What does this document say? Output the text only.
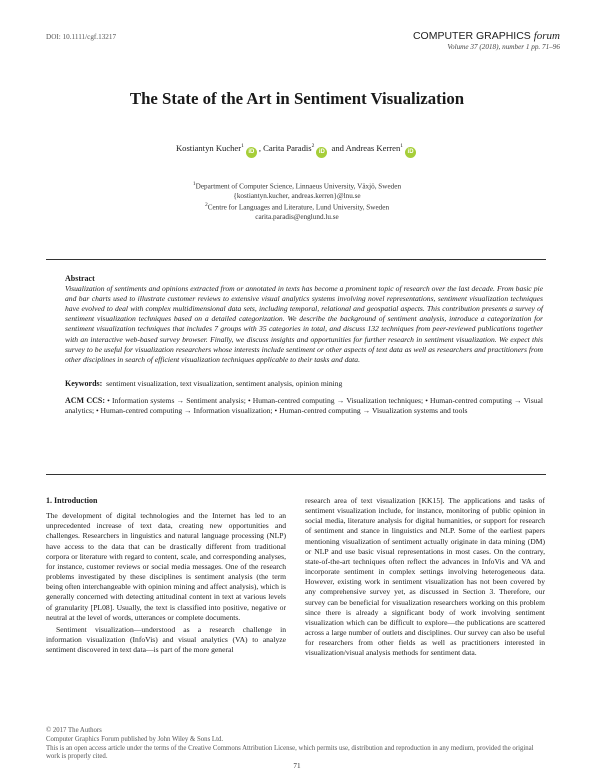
DOI: 10.1111/cgf.13217	COMPUTER GRAPHICS forum
Volume 37 (2018), number 1 pp. 71–96
The State of the Art in Sentiment Visualization
Kostiantyn Kucher$^1$iD , Carita Paradis$^2$iD and Andreas Kerren$^1$iD
$^1$Department of Computer Science, Linnaeus University, Växjö, Sweden
{kostiantyn.kucher, andreas.kerren}@lnu.se
$^2$Centre for Languages and Literature, Lund University, Sweden
carita.paradis@englund.lu.se
Abstract
Visualization of sentiments and opinions extracted from or annotated in texts has become a prominent topic of research over the last decade. From basic pie and bar charts used to illustrate customer reviews to extensive visual analytics systems involving novel representations, sentiment visualization techniques have evolved to deal with complex multidimensional data sets, including temporal, relational and geospatial aspects. This contribution presents a survey of sentiment visualization techniques based on a detailed categorization. We describe the background of sentiment analysis, introduce a categorization for sentiment visualization techniques that includes 7 groups with 35 categories in total, and discuss 132 techniques from peer-reviewed publications together with an interactive web-based survey browser. Finally, we discuss insights and opportunities for further research in sentiment visualization. We expect this survey to be useful for visualization researchers whose interests include sentiment or other aspects of text data as well as researchers and practitioners from other disciplines in search of efficient visualization techniques applicable to their tasks and data.
Keywords: sentiment visualization, text visualization, sentiment analysis, opinion mining
ACM CCS: • Information systems → Sentiment analysis; • Human-centred computing → Visualization techniques; • Human-centred computing → Visual analytics; • Human-centred computing → Information visualization; • Human-centred computing → Visualization systems and tools

1. Introduction

The development of digital technologies and the Internet has led to an unprecedented increase of text data, creating new opportunities and challenges. Researchers in linguistics and natural language processing (NLP) have access to the data that can be drastically different from traditional corpora or literature with regard to content, scale, and corresponding analyses, for instance, customer reviews or social media messages. One of the research problems investigated by these disciplines is sentiment analysis (the term being often interchangeable with opinion mining and affect analysis), which is generally concerned with detecting attitudinal content in text at various levels of granularity [PL08]. Usually, the text is classified into positive, negative or neutral at the level of words, utterances or complete documents.

Sentiment visualization—understood as a research challenge in information visualization (InfoVis) and visual analytics (VA) to analyze sentiment discovered in text data—is part of the more general

research area of text visualization [KK15]. The applications and tasks of sentiment visualization include, for instance, monitoring of public opinion in social media, literature analysis for digital humanities, or support for research of sentiment and stance in linguistics and NLP. Some of the earliest papers mentioning visualization of sentiment actually originate in data mining (DM) or NLP and use basic visual representations in most cases. On the contrary, state-of-the-art techniques often reflect the advances in InfoVis and VA and incorporate sentiment in complex settings involving heterogeneous data. However, existing work in sentiment visualization has not been covered by any comprehensive survey yet, as discussed in Section 3. Therefore, our survey can be beneficial for visualization researchers working on this problem since there is already a significant body of work involving sentiment visualization which can be difficult to explore—the publications are scattered across a large number of outlets and disciplines. Our survey can also be useful for researchers from other fields as well as practitioners interested in visualization/visual analysis methods for sentiment data.

© 2017 The Authors
Computer Graphics Forum published by John Wiley & Sons Ltd.
This is an open access article under the terms of the Creative Commons Attribution License, which permits use, distribution and reproduction in any medium, provided the original work is properly cited.
71
